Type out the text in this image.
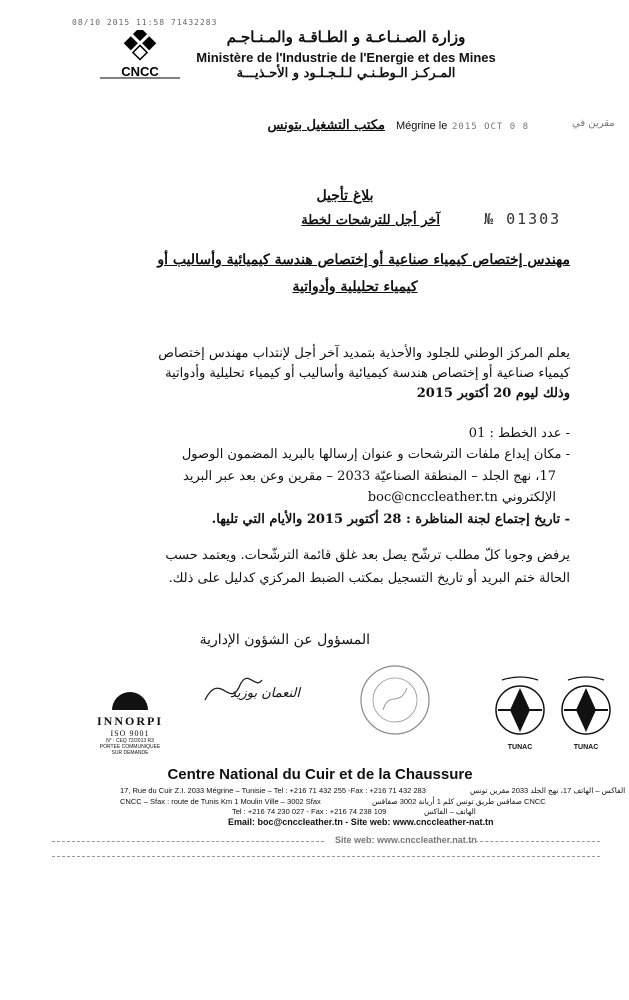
08/10 2015 11:58 71432283
CNCC
وزارة الصـنـاعـة و الطـاقـة والمـنـاجـم
Ministère de l'Industrie de l'Energie et des Mines
المـركـز الـوطـنـي لـلـجـلـود و الأحـذيـــة
مكتب التشغيل بتونس Mégrine le 2015 OCT 0 8	مقرين في
بلاغ تأجيل
آخر أجل للترشحات لخطة	№ 01303
مهندس إختصاص كيمياء صناعية أو إختصاص هندسة كيميائية وأساليب أو
كيمياء تحليلية وأدواتية
يعلم المركز الوطني للجلود والأحذية بتمديد آخر أجل لإنتداب مهندس إختصاص
كيمياء صناعية أو إختصاص هندسة كيميائية وأساليب أو كيمياء تحليلية وأدواتية
وذلك ليوم 20 أكتوبر 2015
- عدد الخطط : 01
- مكان إيداع ملفات الترشحات و عنوان إرسالها بالبريد المضمون الوصول
17، نهج الجلد – المنطقة الصناعيّة 2033 – مقرين وعن بعد عبر البريد
الإلكتروني boc@cnccleather.tn
- تاريخ إجتماع لجنة المناظرة : 28 أكتوبر 2015 والأيام التي تليها.
يرفض وجوبا كلّ مطلب ترشّح يصل بعد غلق قائمة الترشّحات. ويعتمد حسب
الحالة ختم البريد أو تاريخ التسجيل بمكتب الضبط المركزي كدليل على ذلك.
المسؤول عن الشؤون الإدارية
النعمان بوزيد
INNORPI
ISO 9001
N° : CEQ 72/2013 R3
PORTEE COMMUNIQUEE
SUR DEMANDE
TUNAC	TUNAC
Centre National du Cuir et de la Chaussure
17, Rue du Cuir Z.I. 2033 Mégrine – Tunisie – Tel : +216 71 432 255 -Fax : +216 71 432 283	الفاكس – الهاتف 17، نهج الجلد 2033 مقرين تونس
CNCC – Sfax : route de Tunis Km 1 Moulin Ville – 3002 Sfax	CNCC صفاقس طريق تونس كلم 1 أريانة 3002 صفاقس
Tel : +216 74 230 027 - Fax : +216 74 238 109	الهاتف – الفاكس
Email: boc@cnccleather.tn - Site web: www.cnccleather-nat.tn
Site web: www.cnccleather.nat.tn
